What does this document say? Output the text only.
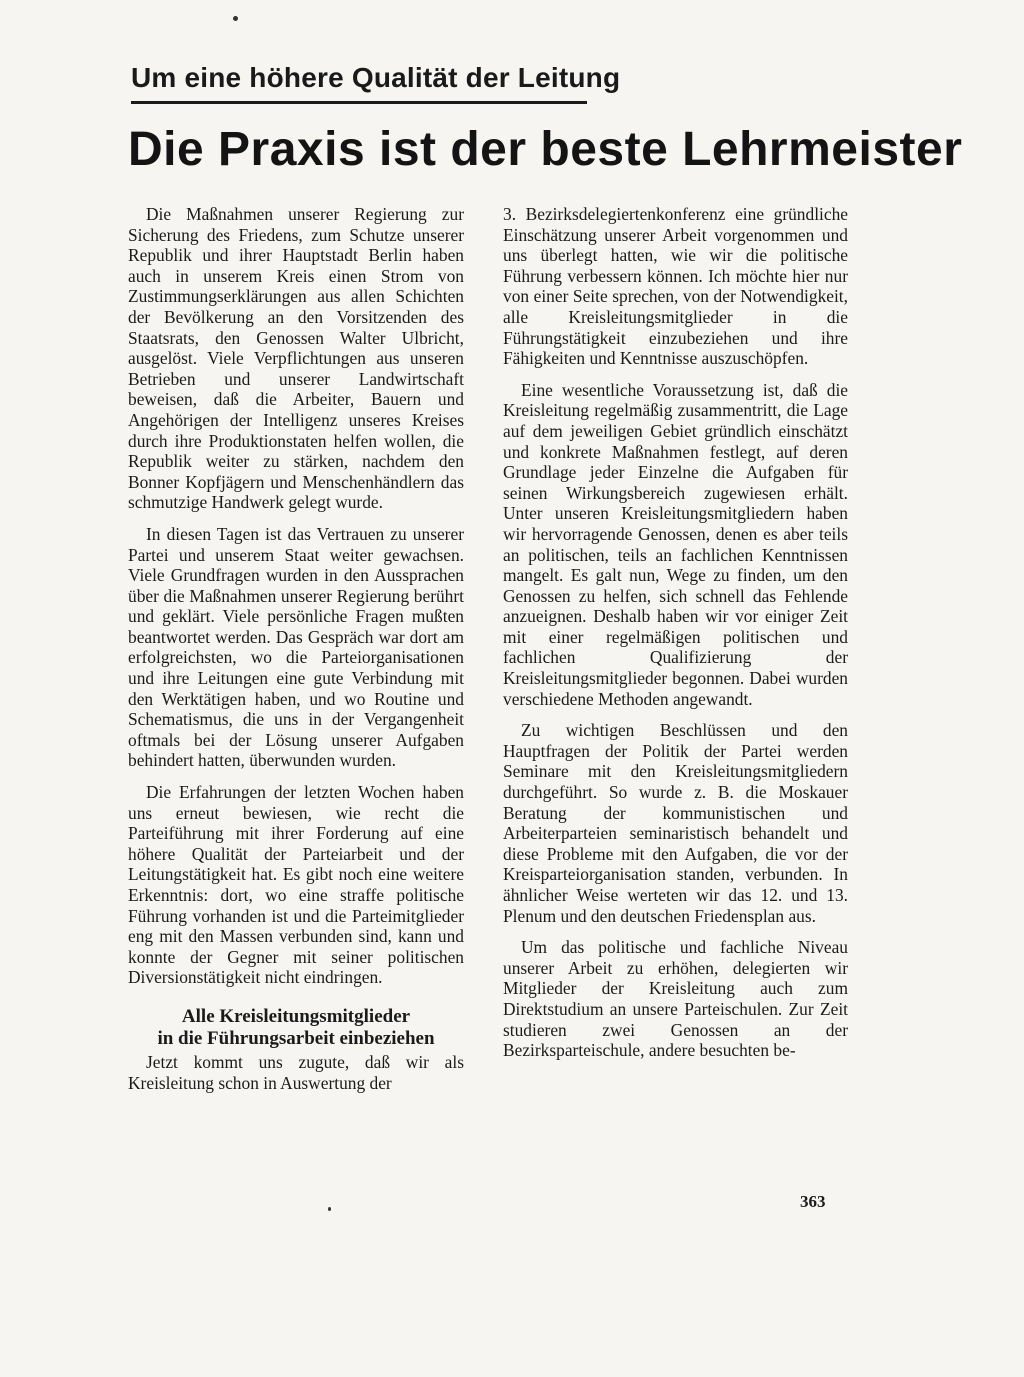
Um eine höhere Qualität der Leitung
Die Praxis ist der beste Lehrmeister

Die Maßnahmen unserer Regierung zur Sicherung des Friedens, zum Schutze unserer Republik und ihrer Hauptstadt Berlin haben auch in unserem Kreis einen Strom von Zustimmungserklärungen aus allen Schichten der Bevölkerung an den Vorsitzenden des Staatsrats, den Genossen Walter Ulbricht, ausgelöst. Viele Verpflichtungen aus unseren Betrieben und unserer Landwirtschaft beweisen, daß die Arbeiter, Bauern und Angehörigen der Intelligenz unseres Kreises durch ihre Produktionstaten helfen wollen, die Republik weiter zu stärken, nachdem den Bonner Kopfjägern und Menschenhändlern das schmutzige Handwerk gelegt wurde.

In diesen Tagen ist das Vertrauen zu unserer Partei und unserem Staat weiter gewachsen. Viele Grundfragen wurden in den Aussprachen über die Maßnahmen unserer Regierung berührt und geklärt. Viele persönliche Fragen mußten beantwortet werden. Das Gespräch war dort am erfolgreichsten, wo die Parteiorganisationen und ihre Leitungen eine gute Verbindung mit den Werktätigen haben, und wo Routine und Schematismus, die uns in der Vergangenheit oftmals bei der Lösung unserer Aufgaben behindert hatten, überwunden wurden.

Die Erfahrungen der letzten Wochen haben uns erneut bewiesen, wie recht die Parteiführung mit ihrer Forderung auf eine höhere Qualität der Parteiarbeit und der Leitungstätigkeit hat. Es gibt noch eine weitere Erkenntnis: dort, wo eine straffe politische Führung vorhanden ist und die Parteimitglieder eng mit den Massen verbunden sind, kann und konnte der Gegner mit seiner politischen Diversionstätigkeit nicht eindringen.

Alle Kreisleitungsmitglieder
in die Führungsarbeit einbeziehen

Jetzt kommt uns zugute, daß wir als Kreisleitung schon in Auswertung der

3. Bezirksdelegiertenkonferenz eine gründliche Einschätzung unserer Arbeit vorgenommen und uns überlegt hatten, wie wir die politische Führung verbessern können. Ich möchte hier nur von einer Seite sprechen, von der Notwendigkeit, alle Kreisleitungsmitglieder in die Führungstätigkeit einzubeziehen und ihre Fähigkeiten und Kenntnisse auszuschöpfen.

Eine wesentliche Voraussetzung ist, daß die Kreisleitung regelmäßig zusammentritt, die Lage auf dem jeweiligen Gebiet gründlich einschätzt und konkrete Maßnahmen festlegt, auf deren Grundlage jeder Einzelne die Aufgaben für seinen Wirkungsbereich zugewiesen erhält. Unter unseren Kreisleitungsmitgliedern haben wir hervorragende Genossen, denen es aber teils an politischen, teils an fachlichen Kenntnissen mangelt. Es galt nun, Wege zu finden, um den Genossen zu helfen, sich schnell das Fehlende anzueignen. Deshalb haben wir vor einiger Zeit mit einer regelmäßigen politischen und fachlichen Qualifizierung der Kreisleitungsmitglieder begonnen. Dabei wurden verschiedene Methoden angewandt.

Zu wichtigen Beschlüssen und den Hauptfragen der Politik der Partei werden Seminare mit den Kreisleitungsmitgliedern durchgeführt. So wurde z. B. die Moskauer Beratung der kommunistischen und Arbeiterparteien seminaristisch behandelt und diese Probleme mit den Aufgaben, die vor der Kreisparteiorganisation standen, verbunden. In ähnlicher Weise werteten wir das 12. und 13. Plenum und den deutschen Friedensplan aus.

Um das politische und fachliche Niveau unserer Arbeit zu erhöhen, delegierten wir Mitglieder der Kreisleitung auch zum Direktstudium an unsere Parteischulen. Zur Zeit studieren zwei Genossen an der Bezirksparteischule, andere besuchten be-

363
